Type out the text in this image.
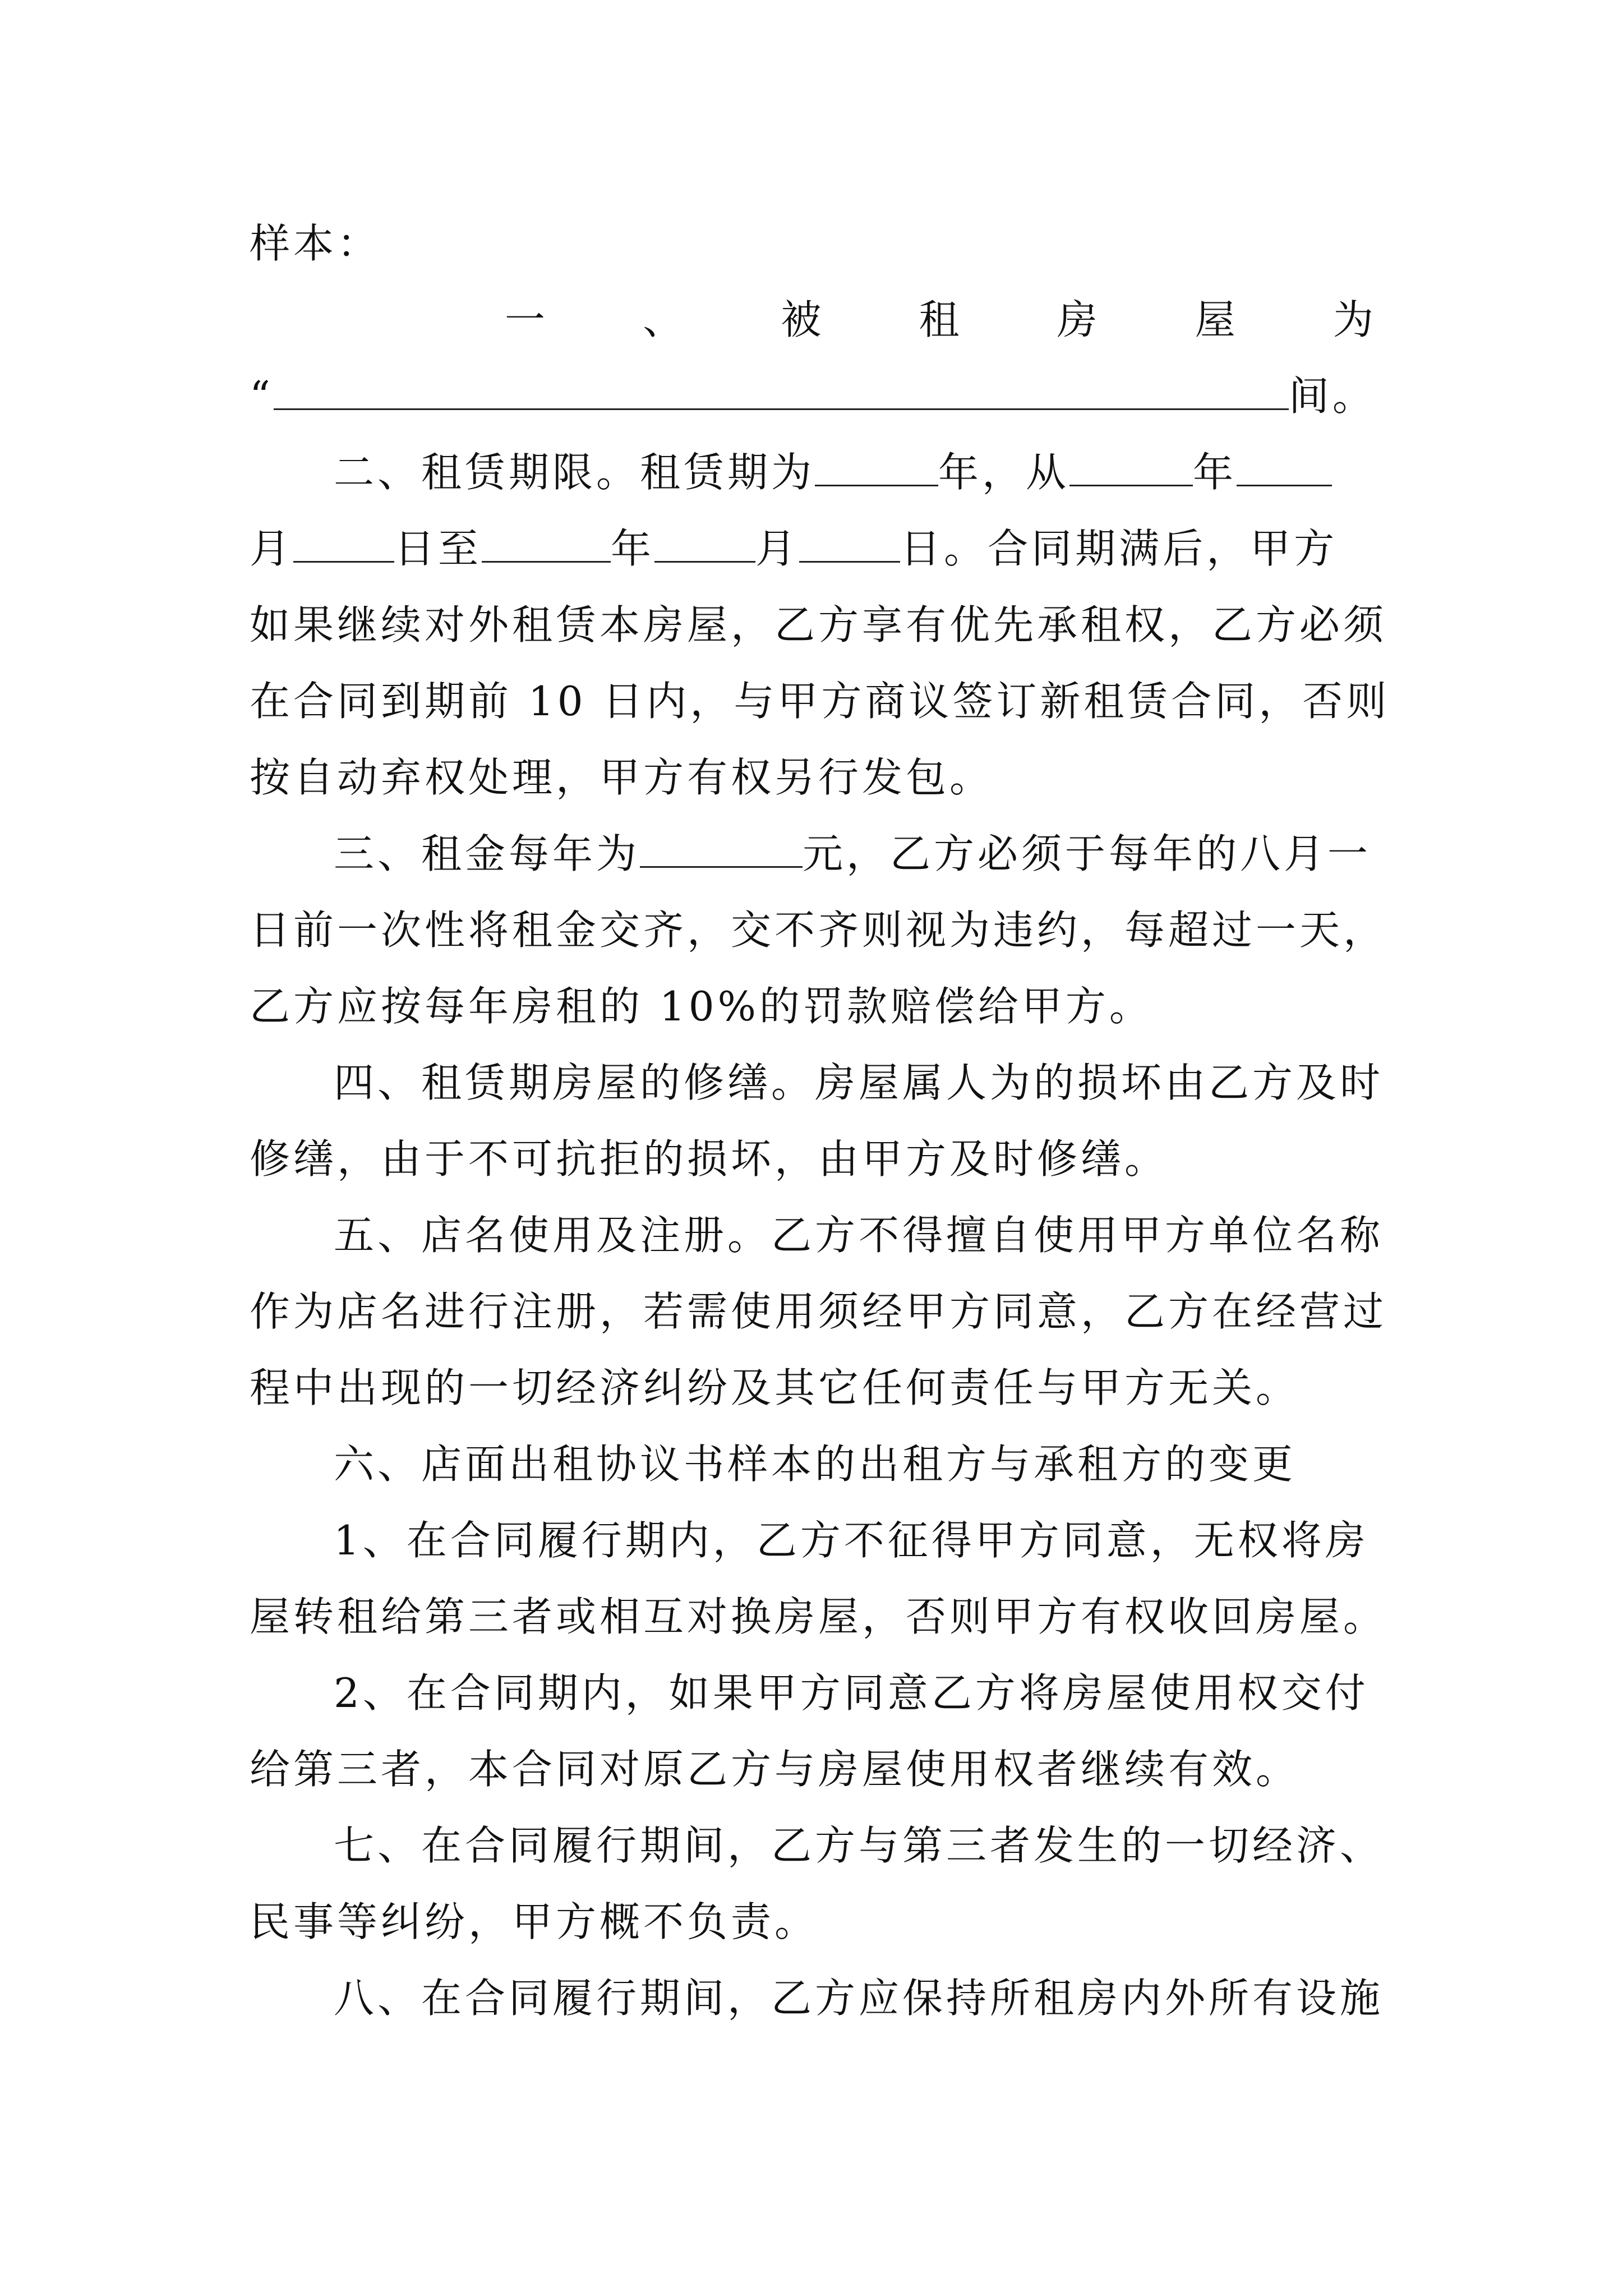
样本：
一 、 被 租 房 屋 为
“	间。
二、租赁期限。租赁期为	年，从	年
月	日至	年	月	日。合同期满后，甲方
如果继续对外租赁本房屋，乙方享有优先承租权，乙方必须
在合同到期前 10 日内，与甲方商议签订新租赁合同，否则
按自动弃权处理，甲方有权另行发包。
三、租金每年为	元，乙方必须于每年的八月一
日前一次性将租金交齐，交不齐则视为违约，每超过一天，
乙方应按每年房租的 10%的罚款赔偿给甲方。
四、租赁期房屋的修缮。房屋属人为的损坏由乙方及时
修缮，由于不可抗拒的损坏，由甲方及时修缮。
五、店名使用及注册。乙方不得擅自使用甲方单位名称
作为店名进行注册，若需使用须经甲方同意，乙方在经营过
程中出现的一切经济纠纷及其它任何责任与甲方无关。
六、店面出租协议书样本的出租方与承租方的变更
1、在合同履行期内，乙方不征得甲方同意，无权将房
屋转租给第三者或相互对换房屋，否则甲方有权收回房屋。
2、在合同期内，如果甲方同意乙方将房屋使用权交付
给第三者，本合同对原乙方与房屋使用权者继续有效。
七、在合同履行期间，乙方与第三者发生的一切经济、
民事等纠纷，甲方概不负责。
八、在合同履行期间，乙方应保持所租房内外所有设施
